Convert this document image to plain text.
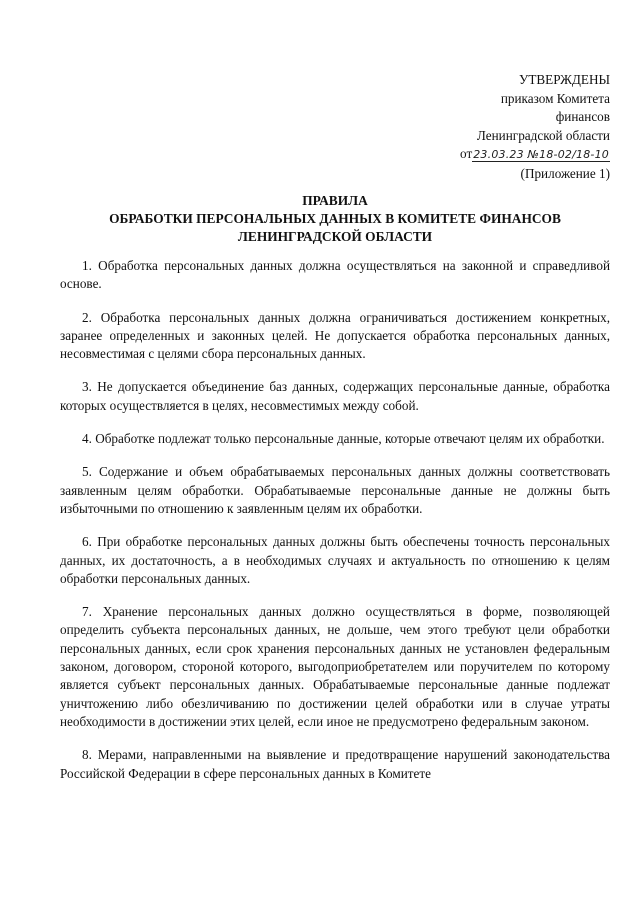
УТВЕРЖДЕНЫ
приказом Комитета
финансов
Ленинградской области
от23.03.23 №18-02/18-10
(Приложение 1)
ПРАВИЛА
ОБРАБОТКИ ПЕРСОНАЛЬНЫХ ДАННЫХ В КОМИТЕТЕ ФИНАНСОВ
ЛЕНИНГРАДСКОЙ ОБЛАСТИ

1. Обработка персональных данных должна осуществляться на законной и справедливой основе.

2. Обработка персональных данных должна ограничиваться достижением конкретных, заранее определенных и законных целей. Не допускается обработка персональных данных, несовместимая с целями сбора персональных данных.

3. Не допускается объединение баз данных, содержащих персональные данные, обработка которых осуществляется в целях, несовместимых между собой.

4. Обработке подлежат только персональные данные, которые отвечают целям их обработки.

5. Содержание и объем обрабатываемых персональных данных должны соответствовать заявленным целям обработки. Обрабатываемые персональные данные не должны быть избыточными по отношению к заявленным целям их обработки.

6. При обработке персональных данных должны быть обеспечены точность персональных данных, их достаточность, а в необходимых случаях и актуальность по отношению к целям обработки персональных данных.

7. Хранение персональных данных должно осуществляться в форме, позволяющей определить субъекта персональных данных, не дольше, чем этого требуют цели обработки персональных данных, если срок хранения персональных данных не установлен федеральным законом, договором, стороной которого, выгодоприобретателем или поручителем по которому является субъект персональных данных. Обрабатываемые персональные данные подлежат уничтожению либо обезличиванию по достижении целей обработки или в случае утраты необходимости в достижении этих целей, если иное не предусмотрено федеральным законом.

8. Мерами, направленными на выявление и предотвращение нарушений законодательства Российской Федерации в сфере персональных данных в Комитете
